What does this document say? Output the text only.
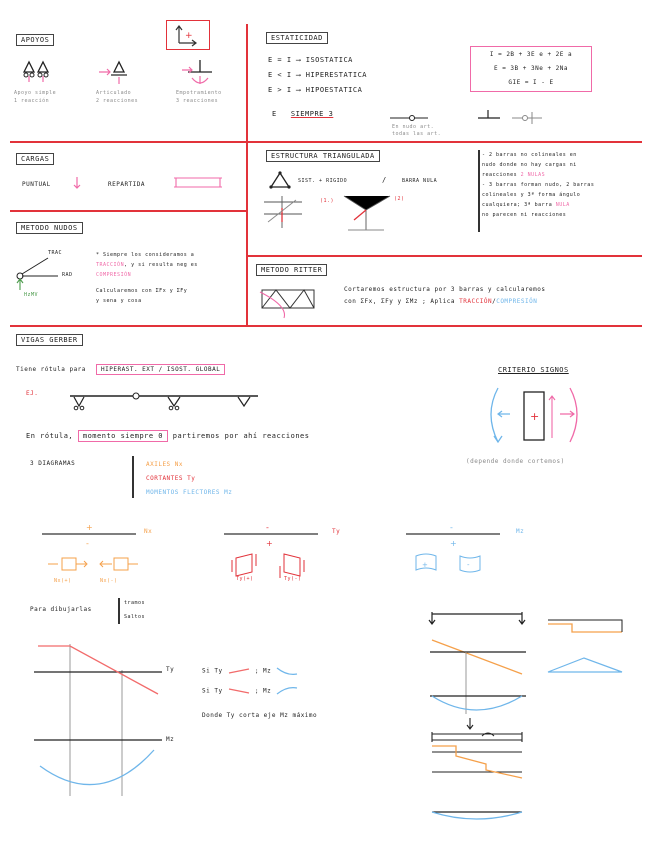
APOYOS	+
Apoyo simple
1 reacción
Articulado
2 reacciones
Empotramiento
3 reacciones
ESTATICIDAD
E = I ⟶ ISOSTATICA
E < I ⟶ HIPERESTATICA
E > I ⟶ HIPOESTATICA
I = 2B + 3E e + 2E a
E = 3B + 3Ne + 2Na
GIE = I - E
E SIEMPRE 3
En nudo art.
todas las art.
CARGAS
PUNTUAL	REPARTIDA
ESTRUCTURA TRIANGULADA
SIST. + RIGIDO	/	BARRA NULA
(1.)	(2)
- 2 barras no colineales en
nudo donde no hay cargas ni
reacciones 2 NULAS
- 3 barras forman nudo, 2 barras
colineales y 3ª forma ángulo
cualquiera; 3ª barra NULA
no parecen ni reacciones
METODO NUDOS
TRAC
RAD
HzMV
* Siempre los consideramos a
TRACCIÓN, y si resulta neg es
COMPRESIÓN
Calcularemos con ΣFx y ΣFy
y sena y cosa
METODO RITTER
Cortaremos estructura por 3 barras y calcularemos
con ΣFx, ΣFy y ΣMz ; Aplica TRACCIÓN/COMPRESIÓN
VIGAS GERBER
Tiene rótula para	HIPERAST. EXT / ISOST. GLOBAL
EJ.
En rótula, momento siempre 0 partiremos por ahí reacciones
3 DIAGRAMAS	AXILES Nx
CORTANTES Ty
MOMENTOS FLECTORES Mz
CRITERIO SIGNOS
+
(depende donde cortemos)
+
-
Nx
Nx(+)	Nx(-)
-
+
Ty
Ty(+)	Ty(-)
-
+
+	-
Mz
Para dibujarlas
tramos
Saltos
Ty
Mz
Si Ty	; Mz
Si Ty	; Mz
Donde Ty corta eje Mz máximo
